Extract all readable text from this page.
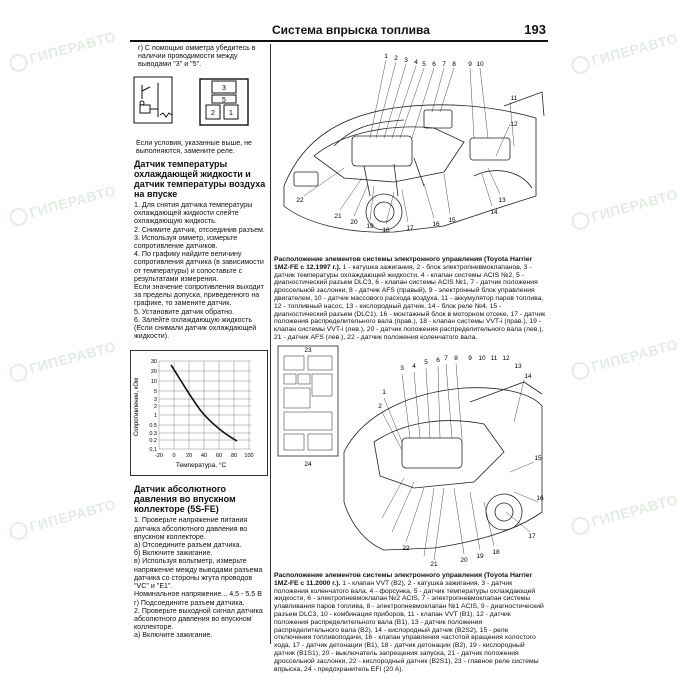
ГИПЕРАВТО	ГИПЕРАВТО
ГИПЕРАВТО	ГИПЕРАВТО
ГИПЕРАВТО	ГИПЕРАВТО
ГИПЕРАВТО	ГИПЕРАВТО
Система впрыска топлива	193

г) С помощью омметра убедитесь в наличии проводимости между выводами "3" и "5".

3
5
2 1

Если условия, указанные выше, не выполняются, замените реле.

Датчик температуры охлаждающей жидкости и датчик температуры воздуха на впуске

1. Для снятия датчика температуры охлаждающей жидкости слейте охлаждающую жидкость.
2. Снимите датчик, отсоединив разъем.
3. Используя омметр, измерьте сопротивление датчиков.
4. По графику найдите величину сопротивления датчика (в зависимости от температуры) и сопоставьте с результатами измерения.
Если значение сопротивления выходит за пределы допуска, приведенного на графике, то замените датчик.
5. Установите датчик обратно.
6. Залейте охлаждающую жидкость (Если снимали датчик охлаждающей жидкости).

30
20
10
5
3
2
1
0.5
0.3
0.2
0.1
-20 0 20 40 60 80 100
Температура, °С
Сопротивление, кОм

Датчик абсолютного давления во впускном коллекторе (5S-FE)

1. Проверьте напряжение питания датчика абсолютного давления во впускном коллекторе.
а) Отсоедините разъем датчика.
б) Включите зажигание.
в) Используя вольтметр, измерьте напряжение между выводами разъема датчика со стороны жгута проводов "VC" и "E1".
Номинальное напряжение... 4.5 - 5.5 В
г) Подсоедините разъем датчика.
2. Проверьте выходной сигнал датчика абсолютного давления во впускном коллекторе.
а) Включите зажигание.

1 2 3 4 5 6 7 8 9 10
11
12
13
14
15
16
17
18
19
20
21
22

Расположение элементов системы электронного управления (Toyota Harrier 1MZ-FE с 12.1997 г.). 1 - катушка зажигания, 2 - блок электропневмоклапанов, 3 - датчик температуры охлаждающей жидкости, 4 - клапан системы ACIS №2, 5 - диагностический разъем DLC3, 6 - клапан системы ACIS №1, 7 - датчик положения дроссельной заслонки, 8 - датчик AFS (правый), 9 - электронный блок управления двигателем, 10 - датчик массового расхода воздуха, 11 - аккумулятор паров топлива, 12 - топливный насос, 13 - кислородный датчик, 14 - блок реле №4, 15 - диагностический разъем (DLC1), 16 - монтажный блок в моторном отсеке, 17 - датчик положения распределительного вала (прав.), 18 - клапан системы VVT-i (прав.), 19 - клапан системы VVT-i (лев.), 20 - датчик положения распределительного вала (лев.), 21 - датчик AFS (лев.), 22 - датчик положения коленчатого вала.

1
2
3 4
5 6 7 8 9 10 11 12
13
14
15
16
17
18
19
20
21
22
23
24

Расположение элементов системы электронного управления (Toyota Harrier 1MZ-FE с 11.2000 г.). 1 - клапан VVT (B2), 2 - катушка зажигания, 3 - датчик положения коленчатого вала, 4 - форсунка, 5 - датчик температуры охлаждающей жидкости, 6 - электропневмоклапан №2 ACIS, 7 - электропневмоклапан системы улавливания паров топлива, 8 - электропневмоклапан №1 ACIS, 9 - диагностический разъем DLC3, 10 - комбинация приборов, 11 - клапан VVT (B1), 12 - датчик положения распределительного вала (B1), 13 - датчик положения распределительного вала (B2), 14 - кислородный датчик (B2S2), 15 - реле отключения топливоподачи, 16 - клапан управления частотой вращения холостого хода, 17 - датчик детонации (B1), 18 - датчик детонации (B2), 19 - кислородный датчик (B1S1), 20 - выключатель запрещения запуска, 21 - датчик положения дроссельной заслонки, 22 - кислородный датчик (B2S1), 23 - главное реле системы впрыска, 24 - предохранитель EFI (20 A).
